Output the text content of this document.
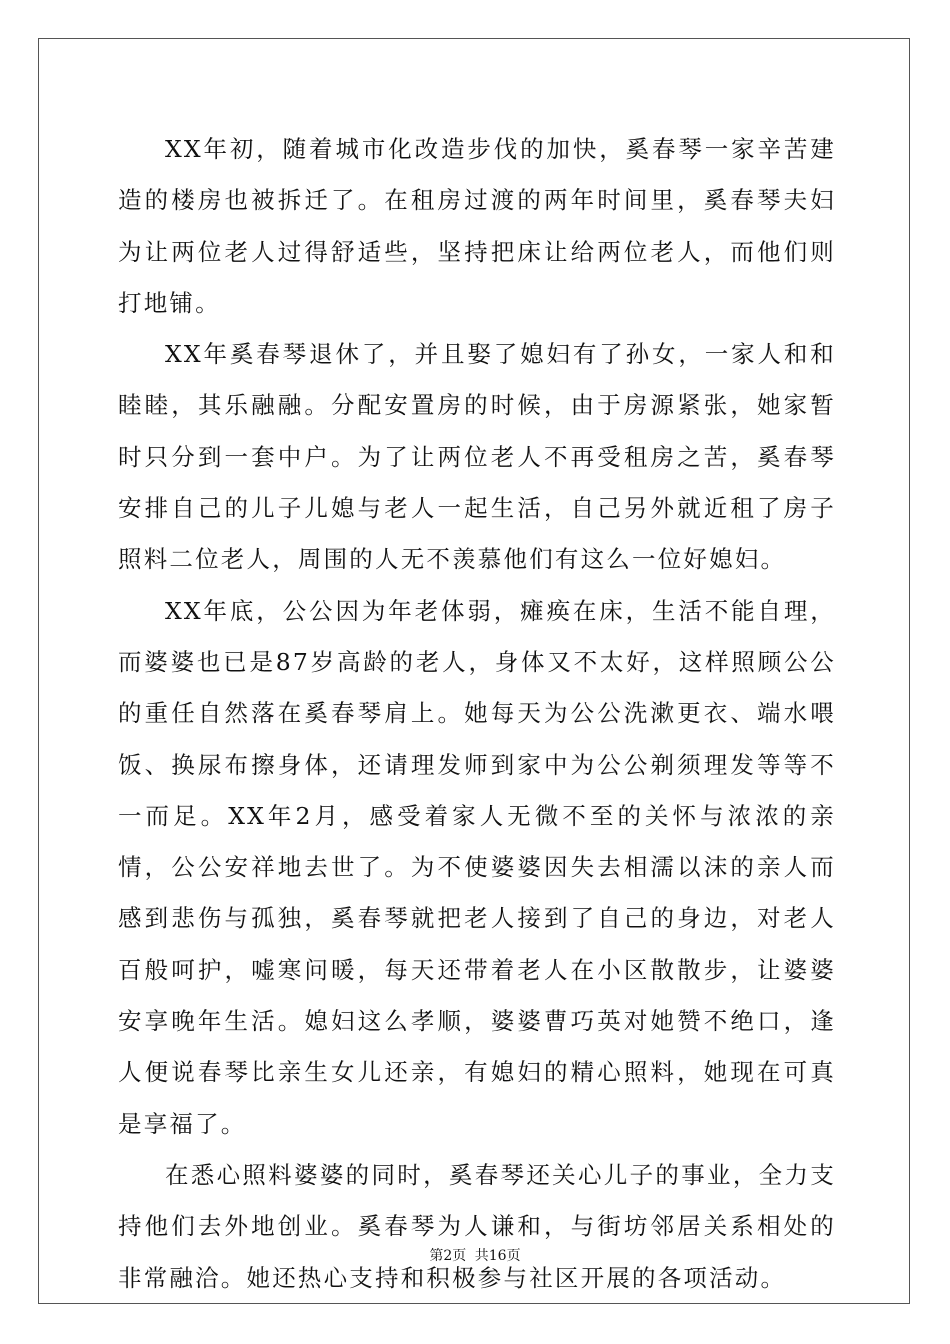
XX年初，随着城市化改造步伐的加快，奚春琴一家辛苦建造的楼房也被拆迁了。在租房过渡的两年时间里，奚春琴夫妇为让两位老人过得舒适些，坚持把床让给两位老人，而他们则打地铺。

XX年奚春琴退休了，并且娶了媳妇有了孙女，一家人和和睦睦，其乐融融。分配安置房的时候，由于房源紧张，她家暂时只分到一套中户。为了让两位老人不再受租房之苦，奚春琴安排自己的儿子儿媳与老人一起生活，自己另外就近租了房子照料二位老人，周围的人无不羡慕他们有这么一位好媳妇。

XX年底，公公因为年老体弱，瘫痪在床，生活不能自理，而婆婆也已是87岁高龄的老人，身体又不太好，这样照顾公公的重任自然落在奚春琴肩上。她每天为公公洗漱更衣、端水喂饭、换尿布擦身体，还请理发师到家中为公公剃须理发等等不一而足。XX年2月，感受着家人无微不至的关怀与浓浓的亲情，公公安祥地去世了。为不使婆婆因失去相濡以沫的亲人而感到悲伤与孤独，奚春琴就把老人接到了自己的身边，对老人百般呵护，嘘寒问暖，每天还带着老人在小区散散步，让婆婆安享晚年生活。媳妇这么孝顺，婆婆曹巧英对她赞不绝口，逢人便说春琴比亲生女儿还亲，有媳妇的精心照料，她现在可真是享福了。

在悉心照料婆婆的同时，奚春琴还关心儿子的事业，全力支持他们去外地创业。奚春琴为人谦和，与街坊邻居关系相处的非常融洽。她还热心支持和积极参与社区开展的各项活动。

第2页 共16页
